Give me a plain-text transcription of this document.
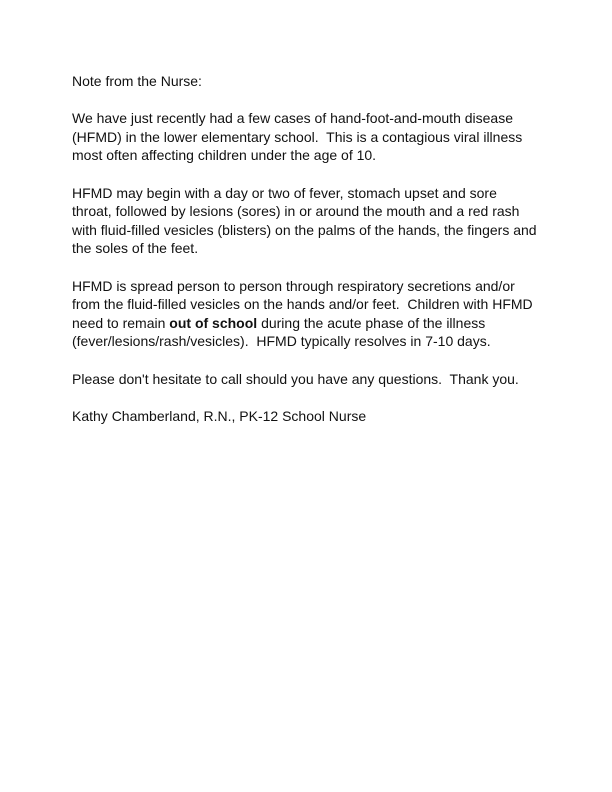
Note from the Nurse:

We have just recently had a few cases of hand-foot-and-mouth disease
(HFMD) in the lower elementary school.  This is a contagious viral illness
most often affecting children under the age of 10.

HFMD may begin with a day or two of fever, stomach upset and sore
throat, followed by lesions (sores) in or around the mouth and a red rash
with fluid-filled vesicles (blisters) on the palms of the hands, the fingers and
the soles of the feet.

HFMD is spread person to person through respiratory secretions and/or
from the fluid-filled vesicles on the hands and/or feet.  Children with HFMD
need to remain out of school during the acute phase of the illness
(fever/lesions/rash/vesicles).  HFMD typically resolves in 7-10 days.

Please don't hesitate to call should you have any questions.  Thank you.

Kathy Chamberland, R.N., PK-12 School Nurse
